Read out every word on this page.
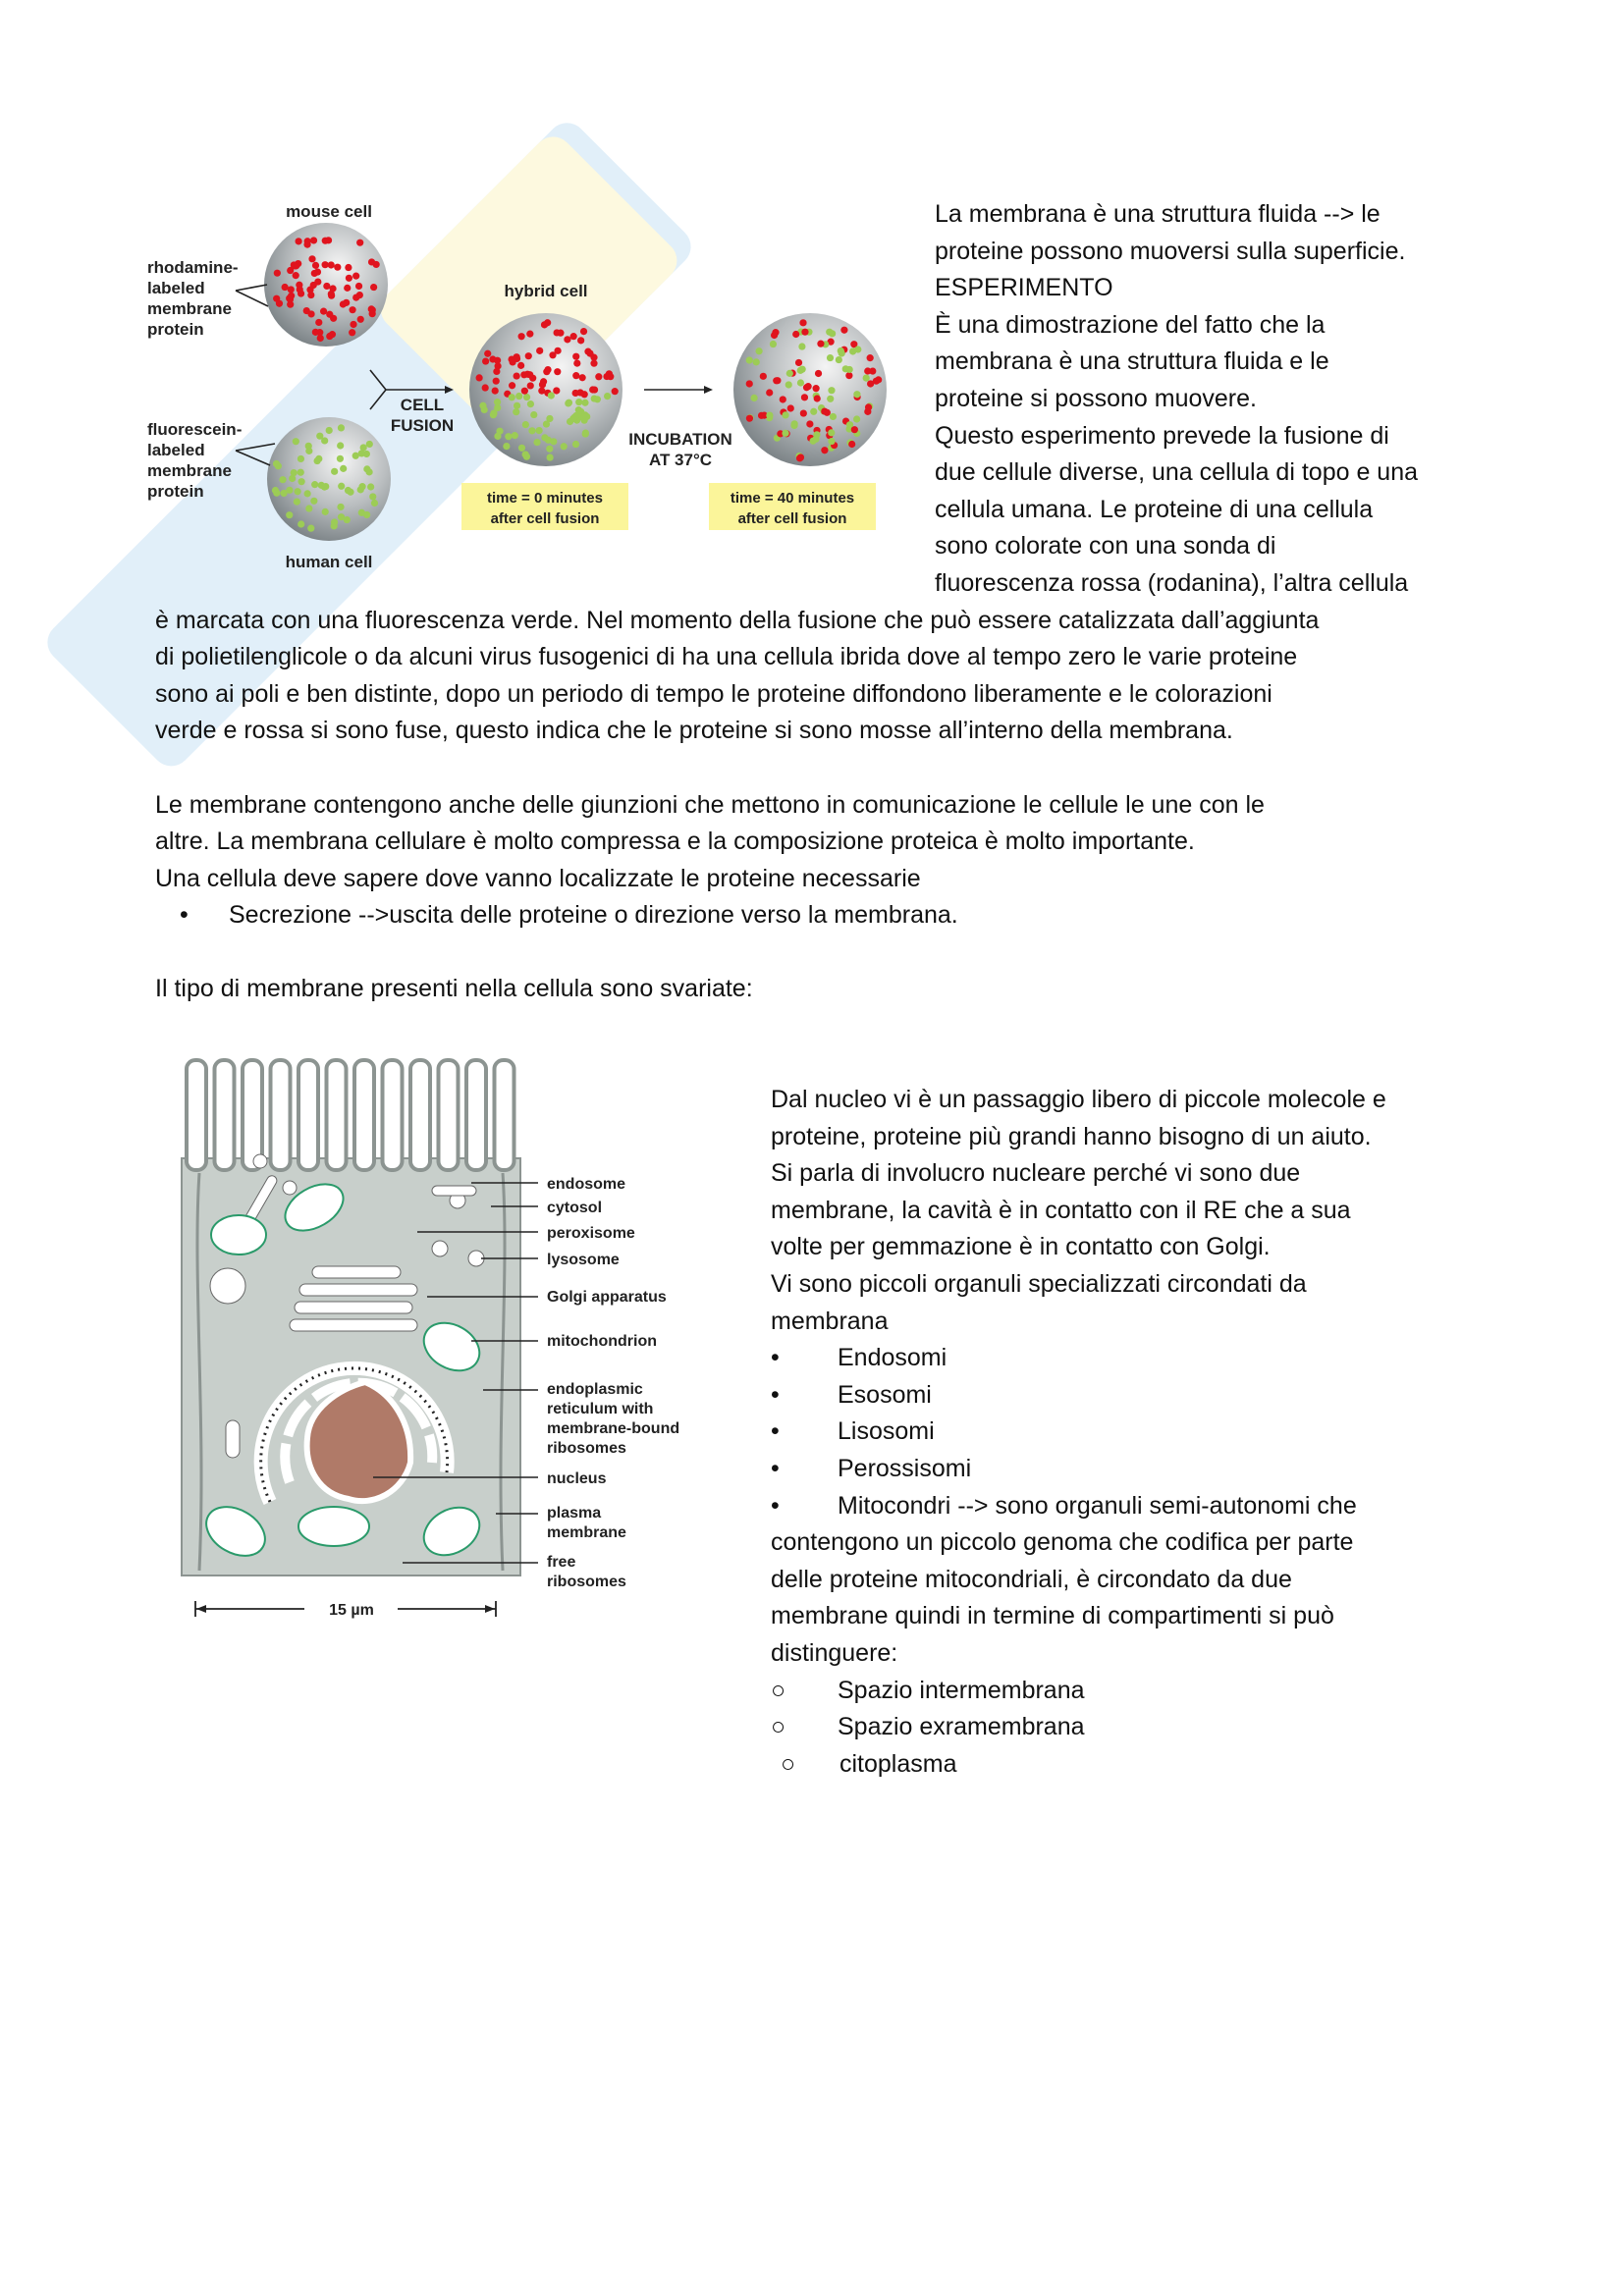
mouse cell
human cell
hybrid cell
rhodamine-
labeled
membrane
protein
fluorescein-
labeled
membrane
protein
CELL
FUSION
INCUBATION
AT 37°C
time = 0 minutes
after cell fusion
time = 40 minutes
after cell fusion
• Secrezione -->uscita delle proteine o direzione verso la membrana.
Il tipo di membrane presenti nella cellula sono svariate:
endosome
cytosol
peroxisome
lysosome
Golgi apparatus
mitochondrion
endoplasmic
reticulum with
membrane-bound
ribosomes
nucleus
plasma
membrane
free
ribosomes
15 µm
La membrana è una struttura fluida --> le
proteine possono muoversi sulla superficie.
ESPERIMENTO
È una dimostrazione del fatto che la
membrana è una struttura fluida e le
proteine si possono muovere.
Questo esperimento prevede la fusione di
due cellule diverse, una cellula di topo e una
cellula umana. Le proteine di una cellula
sono colorate con una sonda di
fluorescenza rossa (rodanina), l’altra cellula
è marcata con una fluorescenza verde. Nel momento della fusione che può essere catalizzata dall’aggiunta
di polietilenglicole o da alcuni virus fusogenici di ha una cellula ibrida dove al tempo zero le varie proteine
sono ai poli e ben distinte, dopo un periodo di tempo le proteine diffondono liberamente e le colorazioni
verde e rossa si sono fuse, questo indica che le proteine si sono mosse all’interno della membrana.
Le membrane contengono anche delle giunzioni che mettono in comunicazione le cellule le une con le
altre. La membrana cellulare è molto compressa e la composizione proteica è molto importante.
Una cellula deve sapere dove vanno localizzate le proteine necessarie
Dal nucleo vi è un passaggio libero di piccole molecole e
proteine, proteine più grandi hanno bisogno di un aiuto.
Si parla di involucro nucleare perché vi sono due
membrane, la cavità è in contatto con il RE che a sua
volte per gemmazione è in contatto con Golgi.
Vi sono piccoli organuli specializzati circondati da
membrana
• Endosomi
• Esosomi
• Lisosomi
• Perossisomi
• Mitocondri --> sono organuli semi-autonomi che
contengono un piccolo genoma che codifica per parte
delle proteine mitocondriali, è circondato da due
membrane quindi in termine di compartimenti si può
distinguere:
○ Spazio intermembrana
○ Spazio exramembrana
○ citoplasma
